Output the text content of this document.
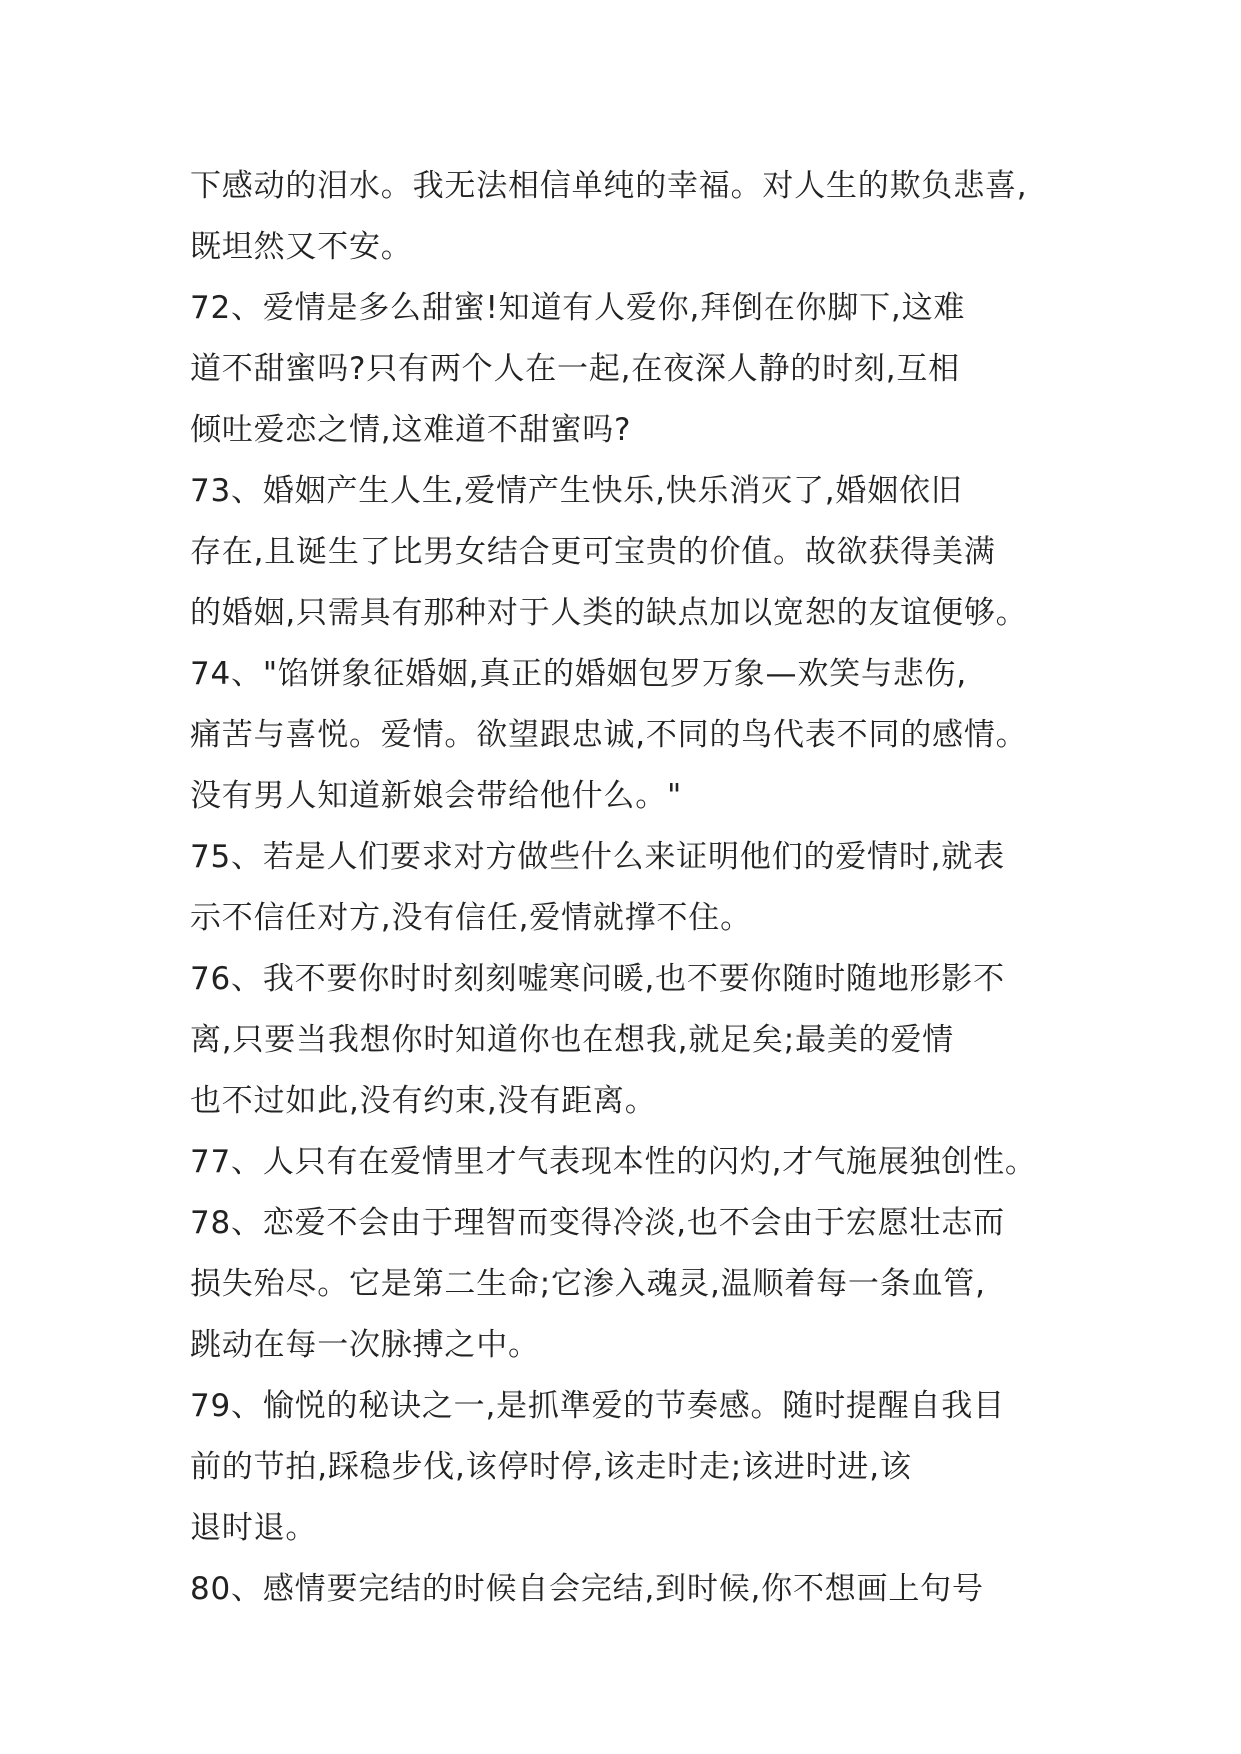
下感动的泪水。我无法相信单纯的幸福。对人生的欺负悲喜,
既坦然又不安。
72、爱情是多么甜蜜!知道有人爱你,拜倒在你脚下,这难
道不甜蜜吗?只有两个人在一起,在夜深人静的时刻,互相
倾吐爱恋之情,这难道不甜蜜吗?
73、婚姻产生人生,爱情产生快乐,快乐消灭了,婚姻依旧
存在,且诞生了比男女结合更可宝贵的价值。故欲获得美满
的婚姻,只需具有那种对于人类的缺点加以宽恕的友谊便够。
74、"馅饼象征婚姻,真正的婚姻包罗万象—欢笑与悲伤,
痛苦与喜悦。爱情。欲望跟忠诚,不同的鸟代表不同的感情。
没有男人知道新娘会带给他什么。"
75、若是人们要求对方做些什么来证明他们的爱情时,就表
示不信任对方,没有信任,爱情就撑不住。
76、我不要你时时刻刻嘘寒问暖,也不要你随时随地形影不
离,只要当我想你时知道你也在想我,就足矣;最美的爱情
也不过如此,没有约束,没有距离。
77、人只有在爱情里才气表现本性的闪灼,才气施展独创性。
78、恋爱不会由于理智而变得冷淡,也不会由于宏愿壮志而
损失殆尽。它是第二生命;它渗入魂灵,温顺着每一条血管,
跳动在每一次脉搏之中。
79、愉悦的秘诀之一,是抓準爱的节奏感。随时提醒自我目
前的节拍,踩稳步伐,该停时停,该走时走;该进时进,该
退时退。
80、感情要完结的时候自会完结,到时候,你不想画上句号
